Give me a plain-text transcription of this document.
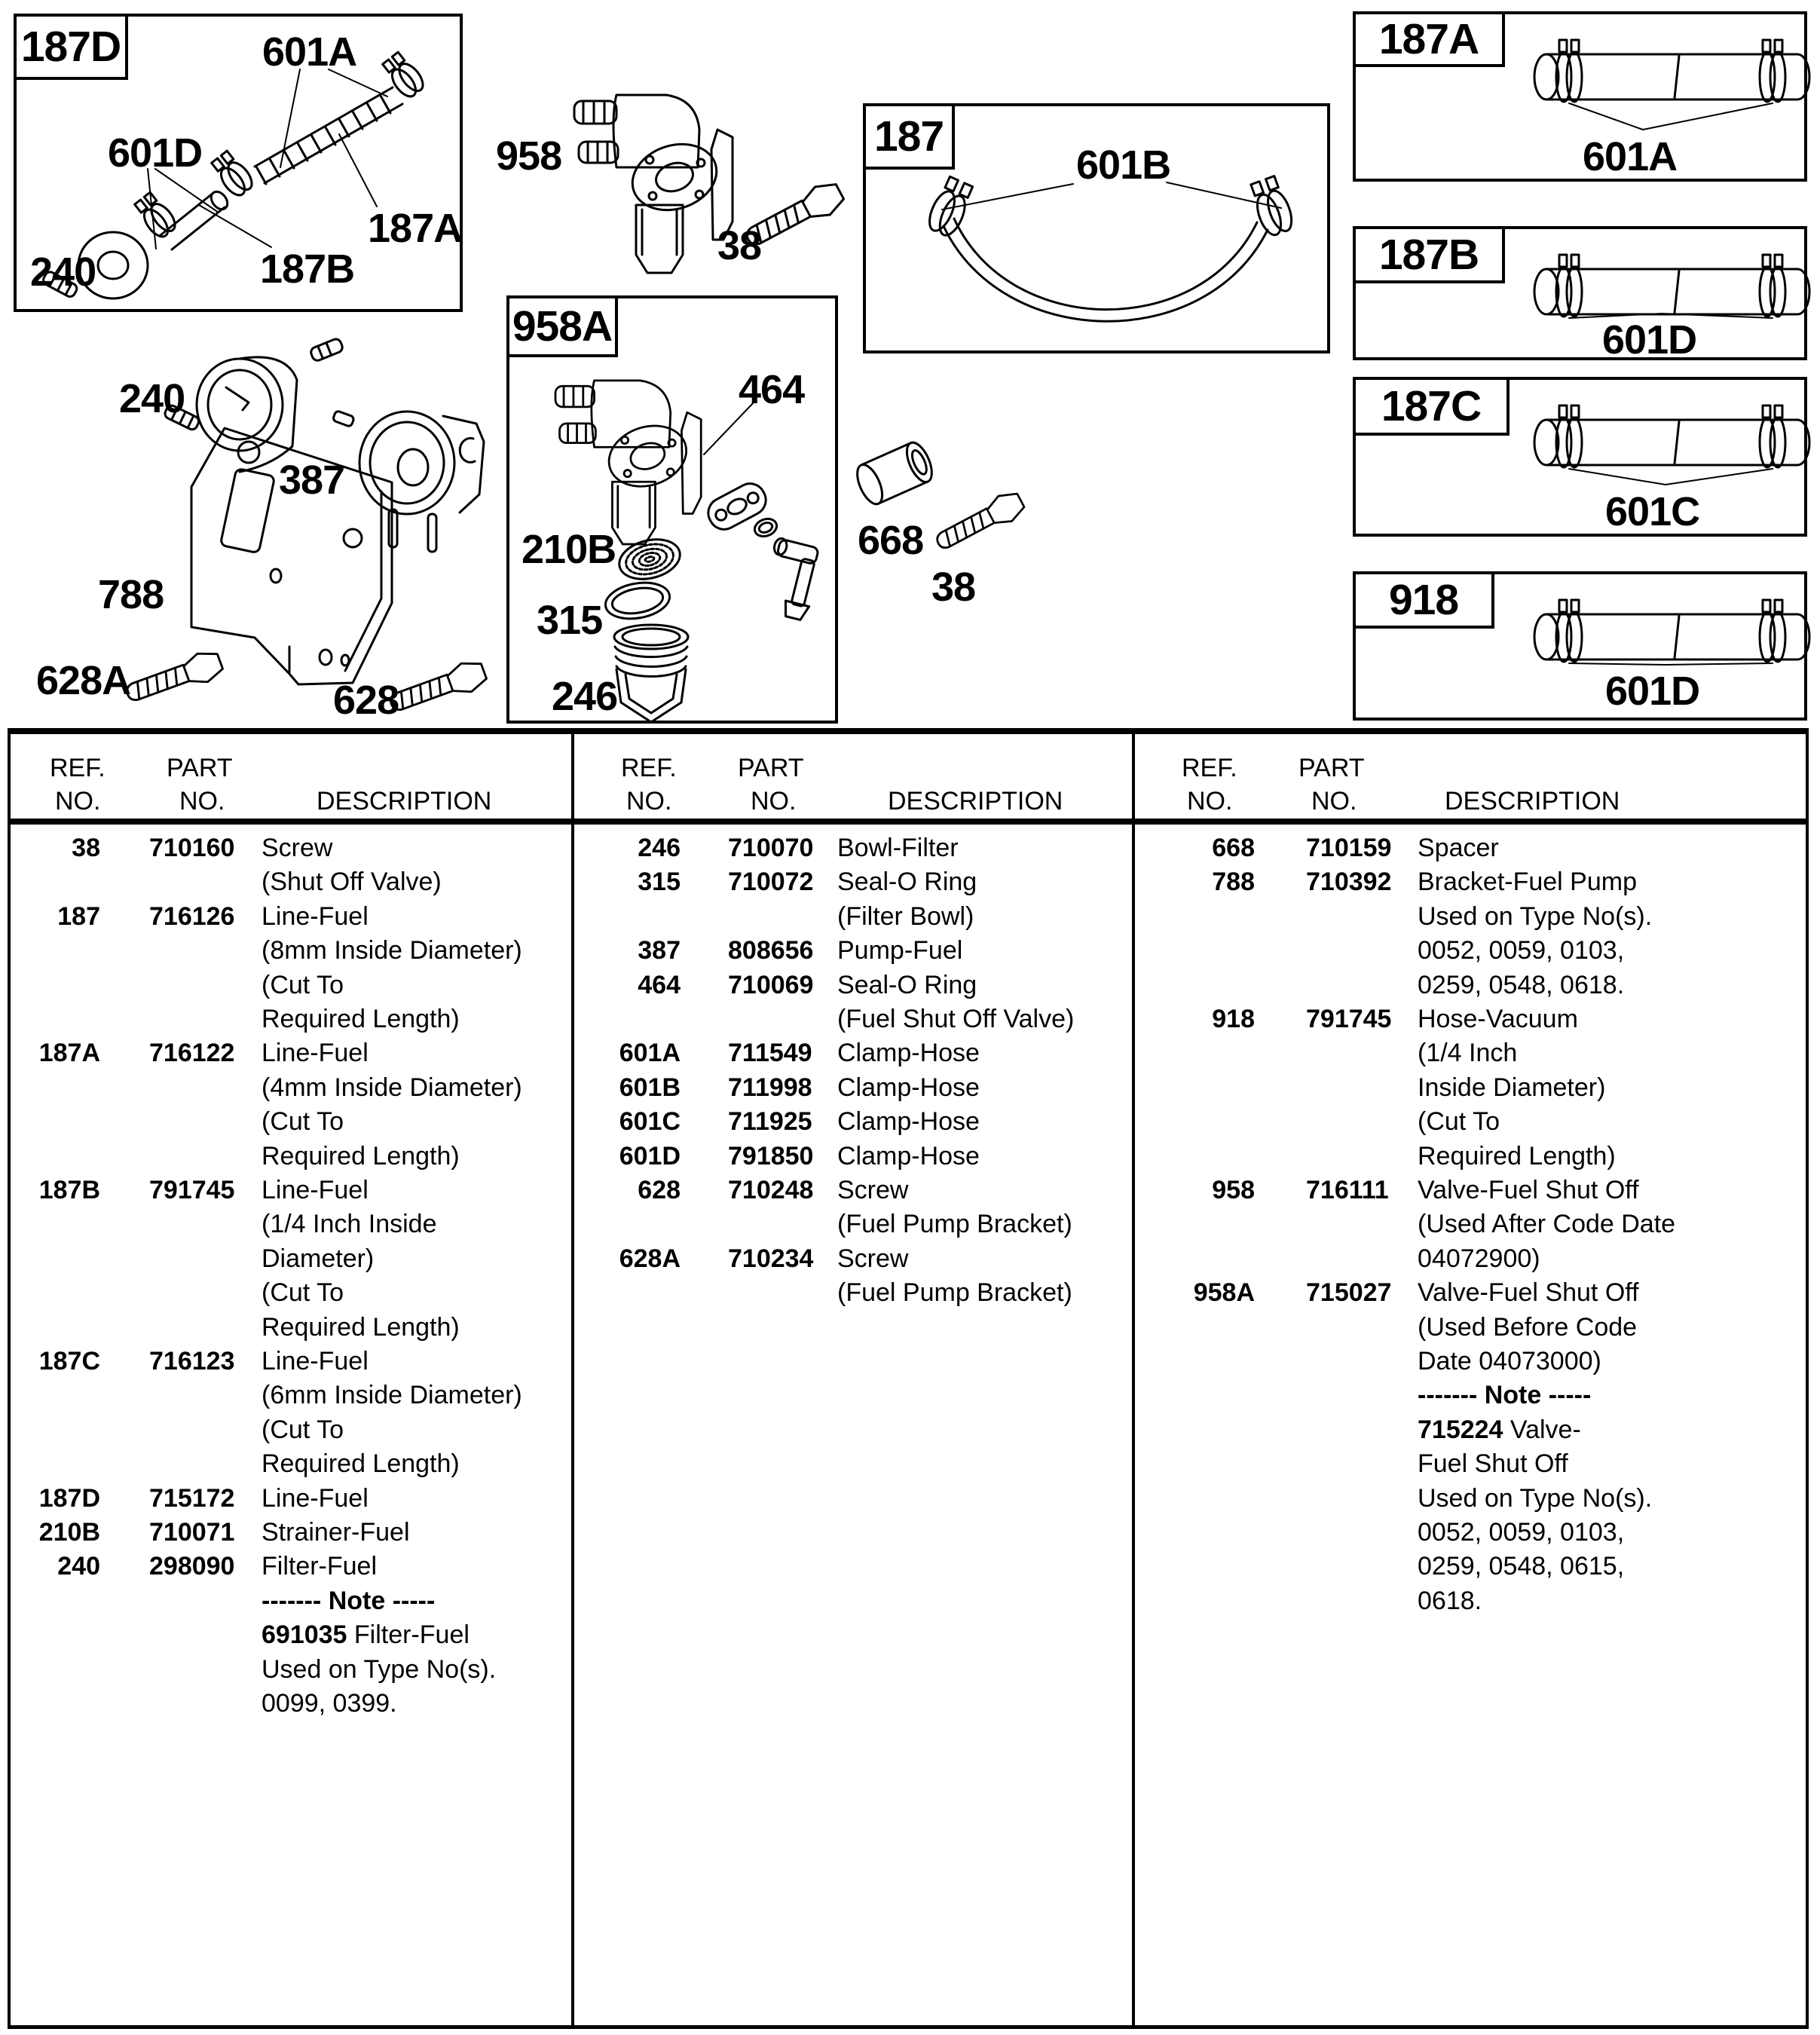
187D
958A
187
187A
187B
187C
918
601A
601D
240
187A
187B
958
38
240
387
788
628A	628
464
210B
315
246
668
38
601B	601A
601D
601C
601D
REF.
NO.
PART
NO.	DESCRIPTION
REF.
NO.
PART
NO.	DESCRIPTION
REF.
NO.
PART
NO.	DESCRIPTION
38 710160 Screw
(Shut Off Valve)
187 716126 Line-Fuel
(8mm Inside Diameter)
(Cut To
Required Length)
187A 716122 Line-Fuel
(4mm Inside Diameter)
(Cut To
Required Length)
187B 791745 Line-Fuel
(1/4 Inch Inside
Diameter)
(Cut To
Required Length)
187C 716123 Line-Fuel
(6mm Inside Diameter)
(Cut To
Required Length)
187D 715172 Line-Fuel
210B 710071 Strainer-Fuel
240 298090 Filter-Fuel
------- Note -----
691035 Filter-Fuel
Used on Type No(s).
0099, 0399.
246 710070 Bowl-Filter
315 710072 Seal-O Ring
(Filter Bowl)
387 808656 Pump-Fuel
464 710069 Seal-O Ring
(Fuel Shut Off Valve)
601A 711549 Clamp-Hose
601B 711998 Clamp-Hose
601C 711925 Clamp-Hose
601D 791850 Clamp-Hose
628 710248 Screw
(Fuel Pump Bracket)
628A 710234 Screw
(Fuel Pump Bracket)
668 710159 Spacer
788 710392 Bracket-Fuel Pump
Used on Type No(s).
0052, 0059, 0103,
0259, 0548, 0618.
918 791745 Hose-Vacuum
(1/4 Inch
Inside Diameter)
(Cut To
Required Length)
958 716111 Valve-Fuel Shut Off
(Used After Code Date
04072900)
958A 715027 Valve-Fuel Shut Off
(Used Before Code
Date 04073000)
------- Note -----
715224 Valve-
Fuel Shut Off
Used on Type No(s).
0052, 0059, 0103,
0259, 0548, 0615,
0618.
